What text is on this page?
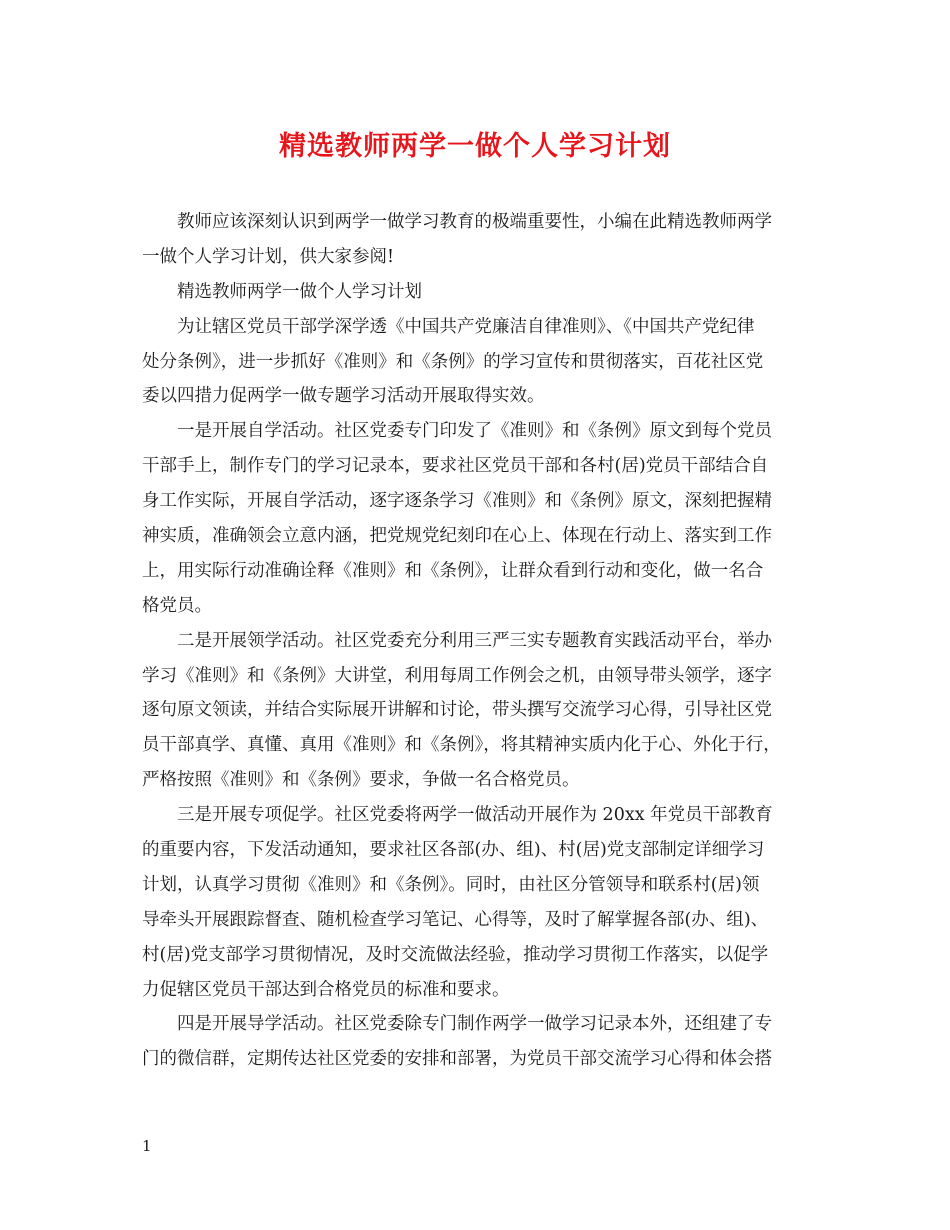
精选教师两学一做个人学习计划
教师应该深刻认识到两学一做学习教育的极端重要性，小编在此精选教师两学
一做个人学习计划，供大家参阅!
精选教师两学一做个人学习计划
为让辖区党员干部学深学透《中国共产党廉洁自律准则》、《中国共产党纪律
处分条例》，进一步抓好《准则》和《条例》的学习宣传和贯彻落实，百花社区党
委以四措力促两学一做专题学习活动开展取得实效。
一是开展自学活动。社区党委专门印发了《准则》和《条例》原文到每个党员
干部手上，制作专门的学习记录本，要求社区党员干部和各村(居)党员干部结合自
身工作实际，开展自学活动，逐字逐条学习《准则》和《条例》原文，深刻把握精
神实质，准确领会立意内涵，把党规党纪刻印在心上、体现在行动上、落实到工作
上，用实际行动准确诠释《准则》和《条例》，让群众看到行动和变化，做一名合
格党员。
二是开展领学活动。社区党委充分利用三严三实专题教育实践活动平台，举办
学习《准则》和《条例》大讲堂，利用每周工作例会之机，由领导带头领学，逐字
逐句原文领读，并结合实际展开讲解和讨论，带头撰写交流学习心得，引导社区党
员干部真学、真懂、真用《准则》和《条例》，将其精神实质内化于心、外化于行，
严格按照《准则》和《条例》要求，争做一名合格党员。
三是开展专项促学。社区党委将两学一做活动开展作为 20xx 年党员干部教育
的重要内容，下发活动通知，要求社区各部(办、组)、村(居)党支部制定详细学习
计划，认真学习贯彻《准则》和《条例》。同时，由社区分管领导和联系村(居)领
导牵头开展跟踪督查、随机检查学习笔记、心得等，及时了解掌握各部(办、组)、
村(居)党支部学习贯彻情况，及时交流做法经验，推动学习贯彻工作落实，以促学
力促辖区党员干部达到合格党员的标准和要求。
四是开展导学活动。社区党委除专门制作两学一做学习记录本外，还组建了专
门的微信群，定期传达社区党委的安排和部署，为党员干部交流学习心得和体会搭
1
